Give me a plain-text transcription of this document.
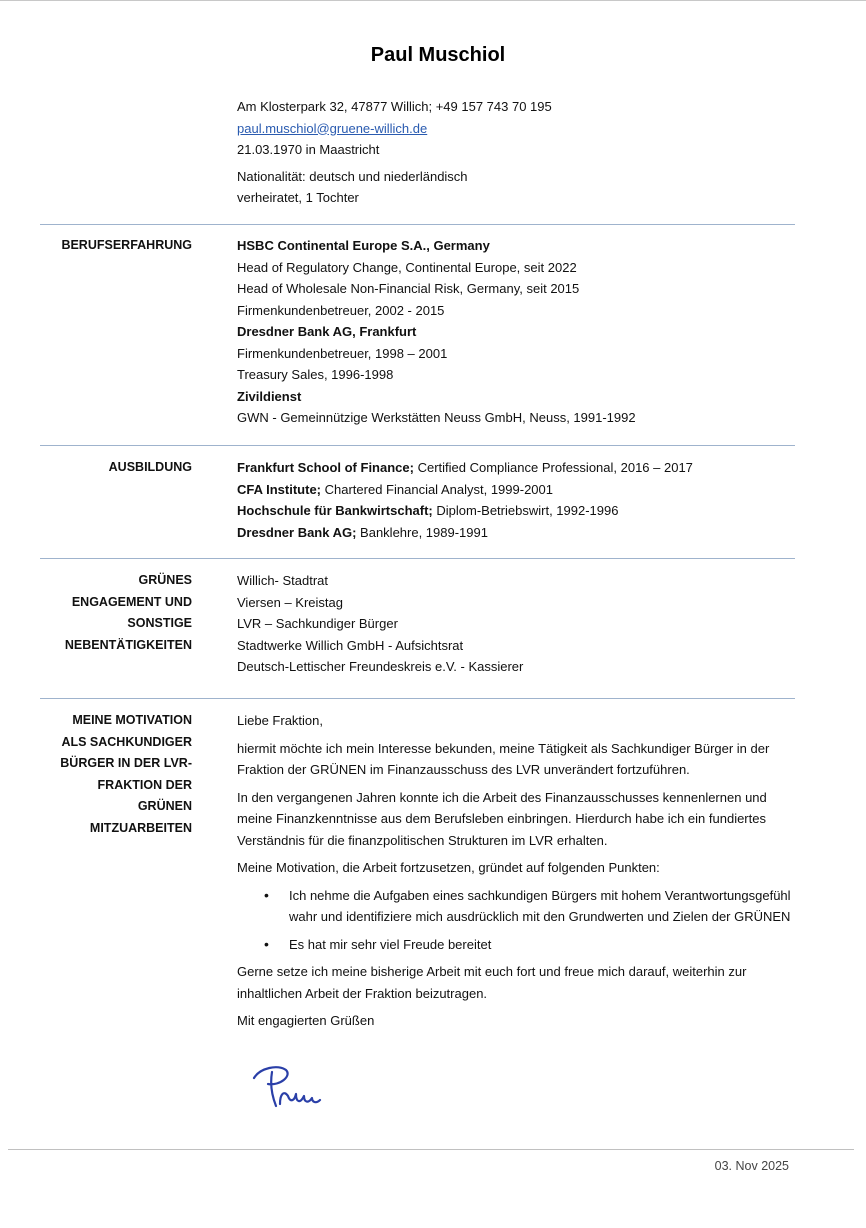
Paul Muschiol
Am Klosterpark 32, 47877 Willich; +49 157 743 70 195
paul.muschiol@gruene-willich.de
21.03.1970 in Maastricht
Nationalität: deutsch und niederländisch
verheiratet, 1 Tochter
BERUFSERFAHRUNG	HSBC Continental Europe S.A., Germany
Head of Regulatory Change, Continental Europe, seit 2022
Head of Wholesale Non-Financial Risk, Germany, seit 2015
Firmenkundenbetreuer, 2002 - 2015
Dresdner Bank AG, Frankfurt
Firmenkundenbetreuer, 1998 – 2001
Treasury Sales, 1996-1998
Zivildienst
GWN - Gemeinnützige Werkstätten Neuss GmbH, Neuss, 1991-1992
AUSBILDUNG	Frankfurt School of Finance; Certified Compliance Professional, 2016 – 2017
CFA Institute; Chartered Financial Analyst, 1999-2001
Hochschule für Bankwirtschaft; Diplom-Betriebswirt, 1992-1996
Dresdner Bank AG; Banklehre, 1989-1991
GRÜNES
ENGAGEMENT UND
SONSTIGE
NEBENTÄTIGKEITEN
Willich- Stadtrat
Viersen – Kreistag
LVR – Sachkundiger Bürger
Stadtwerke Willich GmbH - Aufsichtsrat
Deutsch-Lettischer Freundeskreis e.V. - Kassierer
MEINE MOTIVATION
ALS SACHKUNDIGER
BÜRGER IN DER LVR-
FRAKTION DER
GRÜNEN
MITZUARBEITEN

Liebe Fraktion,

hiermit möchte ich mein Interesse bekunden, meine Tätigkeit als Sachkundiger Bürger in der Fraktion der GRÜNEN im Finanzausschuss des LVR unverändert fortzuführen.

In den vergangenen Jahren konnte ich die Arbeit des Finanzausschusses kennenlernen und meine Finanzkenntnisse aus dem Berufsleben einbringen. Hierdurch habe ich ein fundiertes Verständnis für die finanzpolitischen Strukturen im LVR erhalten.

Meine Motivation, die Arbeit fortzusetzen, gründet auf folgenden Punkten:

• Ich nehme die Aufgaben eines sachkundigen Bürgers mit hohem Verantwortungsgefühl wahr und identifiziere mich ausdrücklich mit den Grundwerten und Zielen der GRÜNEN
• Es hat mir sehr viel Freude bereitet

Gerne setze ich meine bisherige Arbeit mit euch fort und freue mich darauf, weiterhin zur inhaltlichen Arbeit der Fraktion beizutragen.

Mit engagierten Grüßen

03. Nov 2025
